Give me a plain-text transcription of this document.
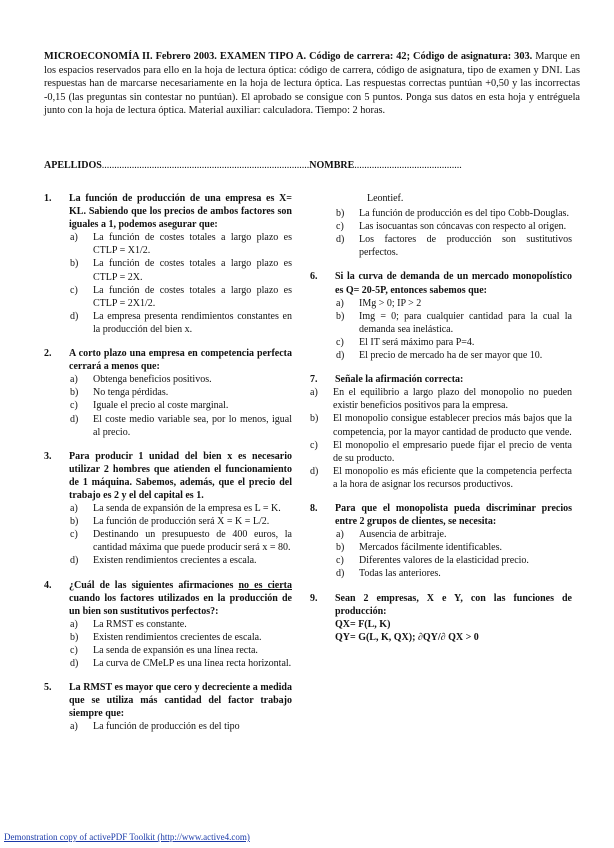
MICROECONOMÍA II. Febrero 2003. EXAMEN TIPO A. Código de carrera: 42; Código de asignatura: 303. Marque en los espacios reservados para ello en la hoja de lectura óptica: código de carrera, código de asignatura, tipo de examen y DNI. Las respuestas han de marcarse necesariamente en la hoja de lectura óptica. Las respuestas correctas puntúan +0,50 y las incorrectas -0,15 (las preguntas sin contestar no puntúan). El aprobado se consigue con 5 puntos. Ponga sus datos en esta hoja y entréguela junto con la hoja de lectura óptica. Material auxiliar: calculadora. Tiempo: 2 horas.
APELLIDOS...................................................................................NOMBRE...........................................
1.	La función de producción de una empresa es X= KL. Sabiendo que los precios de ambos factores son iguales a 1, podemos asegurar que:
a)	La función de costes totales a largo plazo es CTLP = X1/2.
b)	La función de costes totales a largo plazo es CTLP = 2X.
c)	La función de costes totales a largo plazo es CTLP = 2X1/2.
d)	La empresa presenta rendimientos constantes en la producción del bien x.
2.	A corto plazo una empresa en competencia perfecta cerrará a menos que:
a)	Obtenga beneficios positivos.
b)	No tenga pérdidas.
c)	Iguale el precio al coste marginal.
d)	El coste medio variable sea, por lo menos, igual al precio.
3.	Para producir 1 unidad del bien x es necesario utilizar 2 hombres que atienden el funcionamiento de 1 máquina. Sabemos, además, que el precio del trabajo es 2 y el del capital es 1.
a)	La senda de expansión de la empresa es L = K.
b)	La función de producción será X = K = L/2.
c)	Destinando un presupuesto de 400 euros, la cantidad máxima que puede producir será x = 80.
d)	Existen rendimientos crecientes a escala.
4.	¿Cuál de las siguientes afirmaciones no es cierta cuando los factores utilizados en la producción de un bien son sustitutivos perfectos?:
a)	La RMST es constante.
b)	Existen rendimientos crecientes de escala.
c)	La senda de expansión es una línea recta.
d)	La curva de CMeLP es una línea recta horizontal.
5.	La RMST es mayor que cero y decreciente a medida que se utiliza más cantidad del factor trabajo siempre que:
a)	La función de producción es del tipo
Leontief.
b)	La función de producción es del tipo Cobb-Douglas.
c)	Las isocuantas son cóncavas con respecto al origen.
d)	Los factores de producción son sustitutivos perfectos.
6.	Si la curva de demanda de un mercado monopolístico es Q= 20-5P, entonces sabemos que:
a)	IMg > 0; IP > 2
b)	Img = 0; para cualquier cantidad para la cual la demanda sea inelástica.
c)	El IT será máximo para P=4.
d)	El precio de mercado ha de ser mayor que 10.
7.	Señale la afirmación correcta:
a)	En el equilibrio a largo plazo del monopolio no pueden existir beneficios positivos para la empresa.
b)	El monopolio consigue establecer precios más bajos que la competencia, por la mayor cantidad de producto que vende.
c)	El monopolio el empresario puede fijar el precio de venta de su producto.
d)	El monopolio es más eficiente que la competencia perfecta a la hora de asignar los recursos productivos.
8.	Para que el monopolista pueda discriminar precios entre 2 grupos de clientes, se necesita:
a)	Ausencia de arbitraje.
b)	Mercados fácilmente identificables.
c)	Diferentes valores de la elasticidad precio.
d)	Todas las anteriores.
9.	Sean 2 empresas, X e Y, con las funciones de producción:
QX= F(L, K)
QY= G(L, K, QX); ∂QY/∂ QX > 0
Demonstration copy of activePDF Toolkit (http://www.active4.com)
